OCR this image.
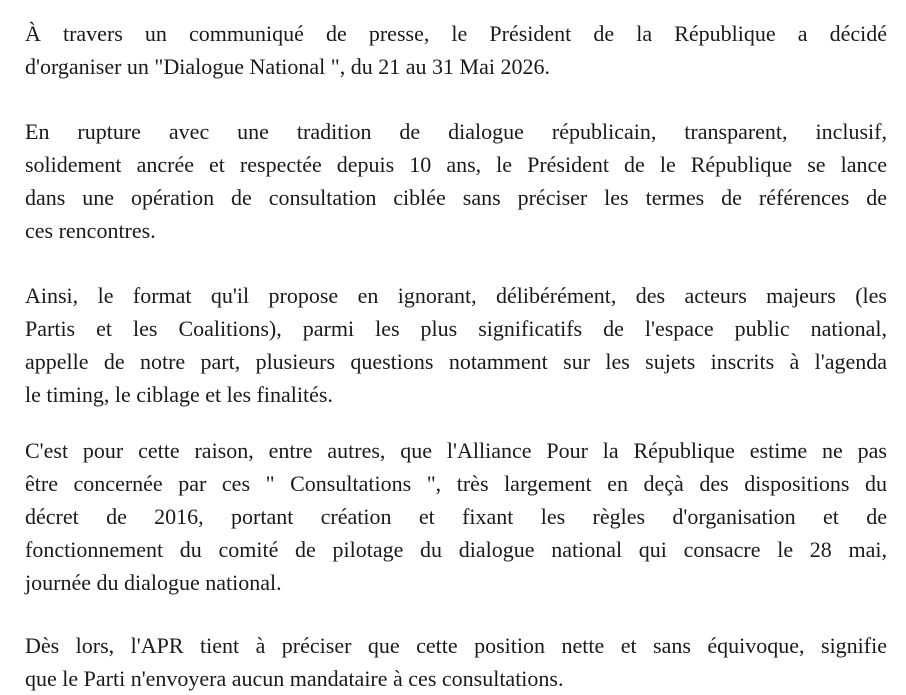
À travers un communiqué de presse, le Président de la République a décidé
d'organiser un "Dialogue National ", du 21 au 31 Mai 2026.

En rupture avec une tradition de dialogue républicain, transparent, inclusif,
solidement ancrée et respectée depuis 10 ans, le Président de le République se lance
dans une opération de consultation ciblée sans préciser les termes de références de
ces rencontres.

Ainsi, le format qu'il propose en ignorant, délibérément, des acteurs majeurs (les
Partis et les Coalitions), parmi les plus significatifs de l'espace public national,
appelle de notre part, plusieurs questions notamment sur les sujets inscrits à l'agenda
le timing, le ciblage et les finalités.

C'est pour cette raison, entre autres, que l'Alliance Pour la République estime ne pas
être concernée par ces " Consultations ", très largement en deçà des dispositions du
décret de 2016, portant création et fixant les règles d'organisation et de
fonctionnement du comité de pilotage du dialogue national qui consacre le 28 mai,
journée du dialogue national.

Dès lors, l'APR tient à préciser que cette position nette et sans équivoque, signifie
que le Parti n'envoyera aucun mandataire à ces consultations.
